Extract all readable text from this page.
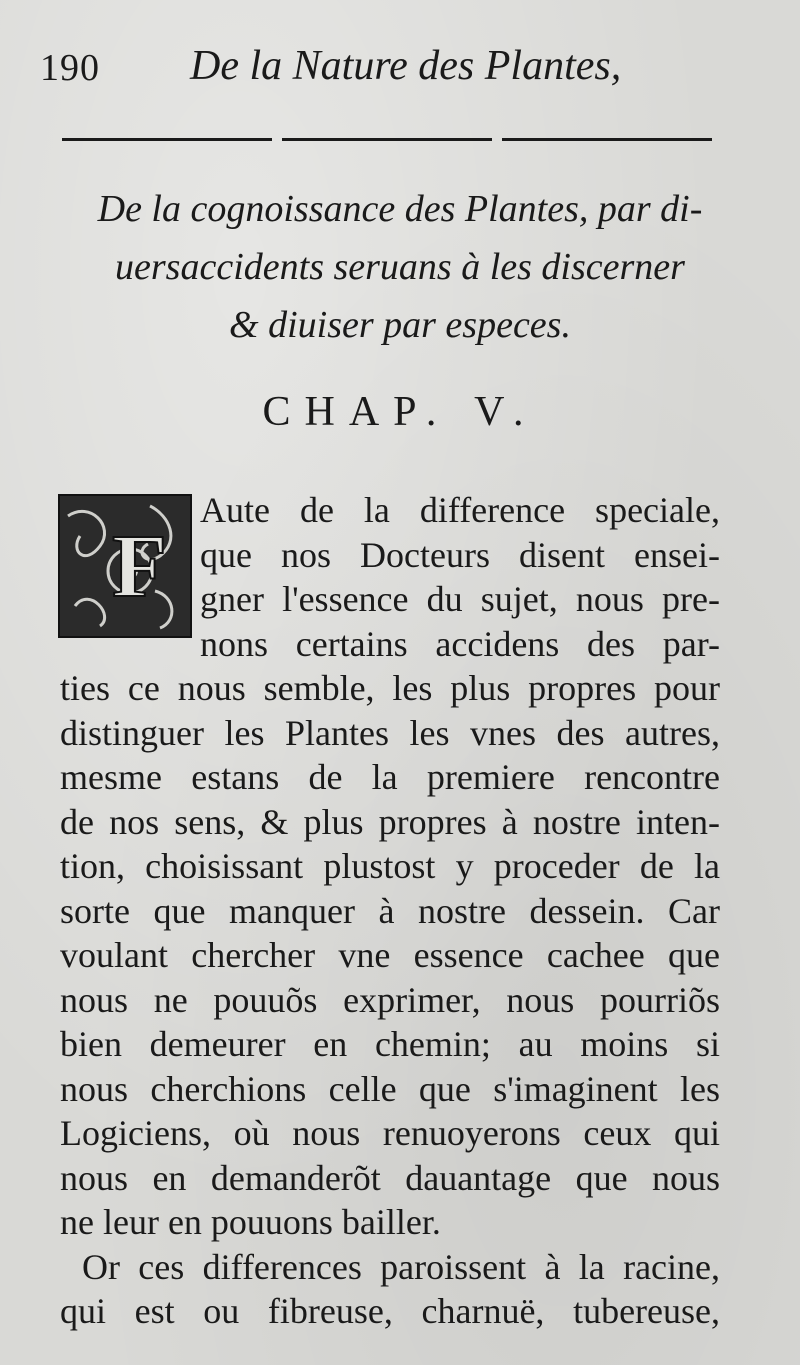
190 De la Nature des Plantes,
De la cognoissance des Plantes, par di-
uersaccidents seruans à les discerner
& diuiser par especes.
CHAP. V.
F
Aute de la difference speciale,
que nos Docteurs disent ensei-
gner l'essence du sujet, nous pre-
nons certains accidens des par-
ties ce nous semble, les plus propres pour
distinguer les Plantes les vnes des autres,
mesme estans de la premiere rencontre
de nos sens, & plus propres à nostre inten-
tion, choisissant plustost y proceder de la
sorte que manquer à nostre dessein. Car
voulant chercher vne essence cachee que
nous ne pouuõs exprimer, nous pourriõs
bien demeurer en chemin; au moins si
nous cherchions celle que s'imaginent les
Logiciens, où nous renuoyerons ceux qui
nous en demanderõt dauantage que nous
ne leur en pouuons bailler.
Or ces differences paroissent à la racine,
qui est ou fibreuse, charnuë, tubereuse,
